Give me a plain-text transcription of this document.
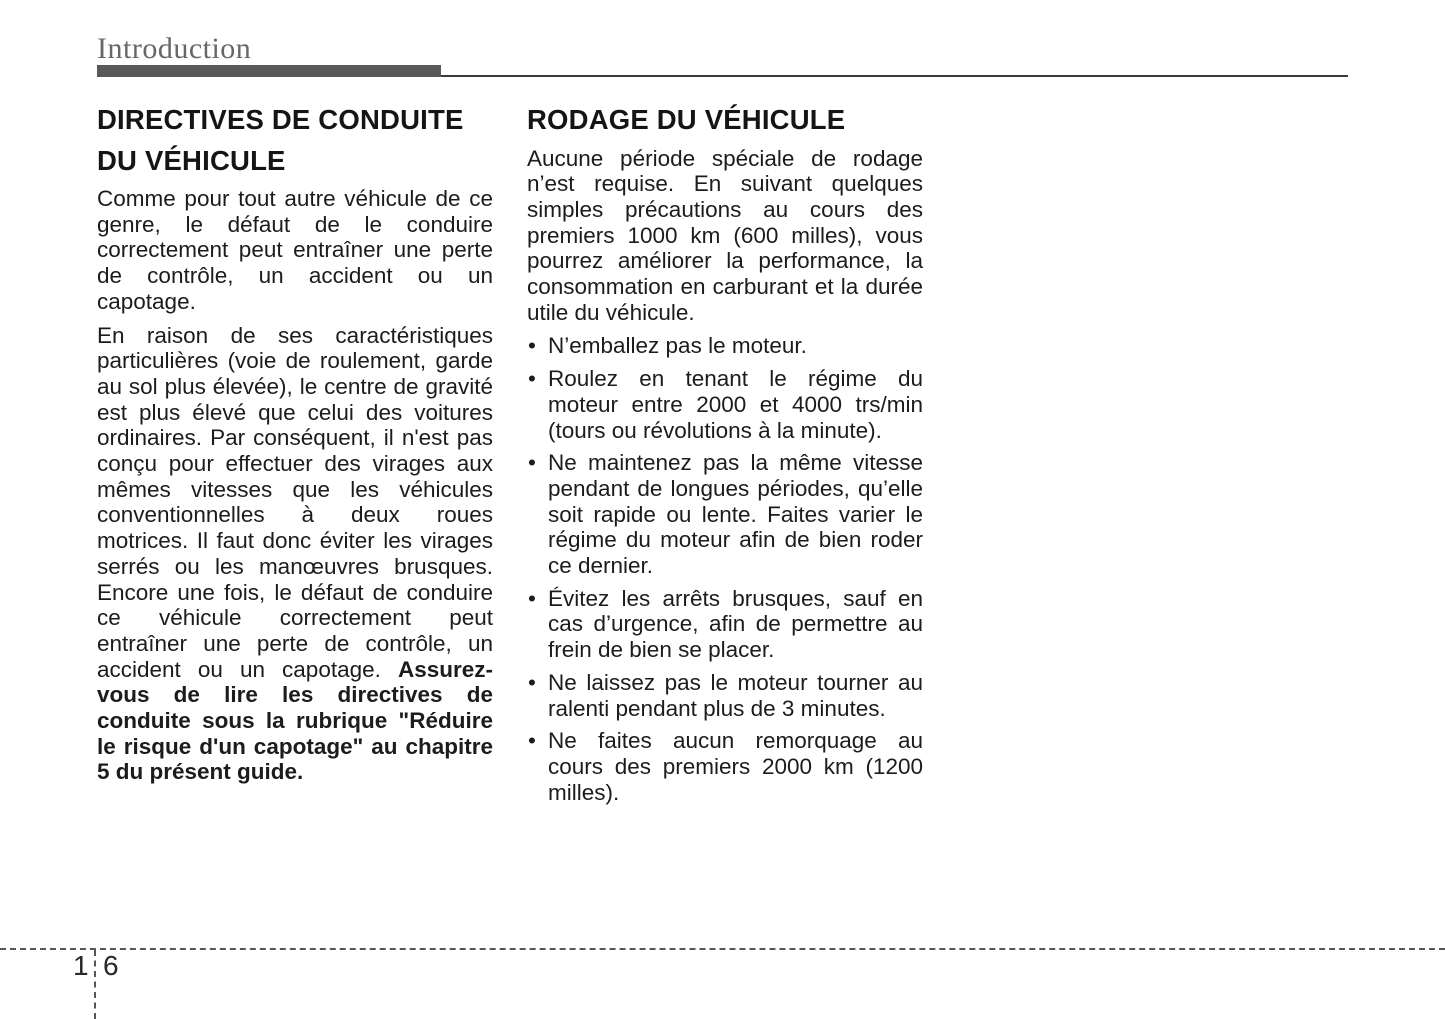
Introduction
DIRECTIVES DE CONDUITE DU VÉHICULE

Comme pour tout autre véhicule de ce genre, le défaut de le conduire correctement peut entraîner une perte de contrôle, un accident ou un capotage.

En raison de ses caractéristiques particulières (voie de roulement, garde au sol plus élevée), le centre de gravité est plus élevé que celui des voitures ordinaires. Par conséquent, il n'est pas conçu pour effectuer des virages aux mêmes vitesses que les véhicules conventionnelles à deux roues motrices. Il faut donc éviter les virages serrés ou les manœuvres brusques. Encore une fois, le défaut de conduire ce véhicule correctement peut entraîner une perte de contrôle, un accident ou un capotage. Assurez-vous de lire les directives de conduite sous la rubrique "Réduire le risque d'un capotage" au chapitre 5 du présent guide.

RODAGE DU VÉHICULE

Aucune période spéciale de rodage n’est requise. En suivant quelques simples précautions au cours des premiers 1000 km (600 milles), vous pourrez améliorer la performance, la consommation en carburant et la durée utile du véhicule.

• N’emballez pas le moteur.
• Roulez en tenant le régime du moteur entre 2000 et 4000 trs/min (tours ou révolutions à la minute).
• Ne maintenez pas la même vitesse pendant de longues périodes, qu’elle soit rapide ou lente. Faites varier le régime du moteur afin de bien roder ce dernier.
• Évitez les arrêts brusques, sauf en cas d’urgence, afin de permettre au frein de bien se placer.
• Ne laissez pas le moteur tourner au ralenti pendant plus de 3 minutes.
• Ne faites aucun remorquage au cours des premiers 2000 km (1200 milles).
1 6
